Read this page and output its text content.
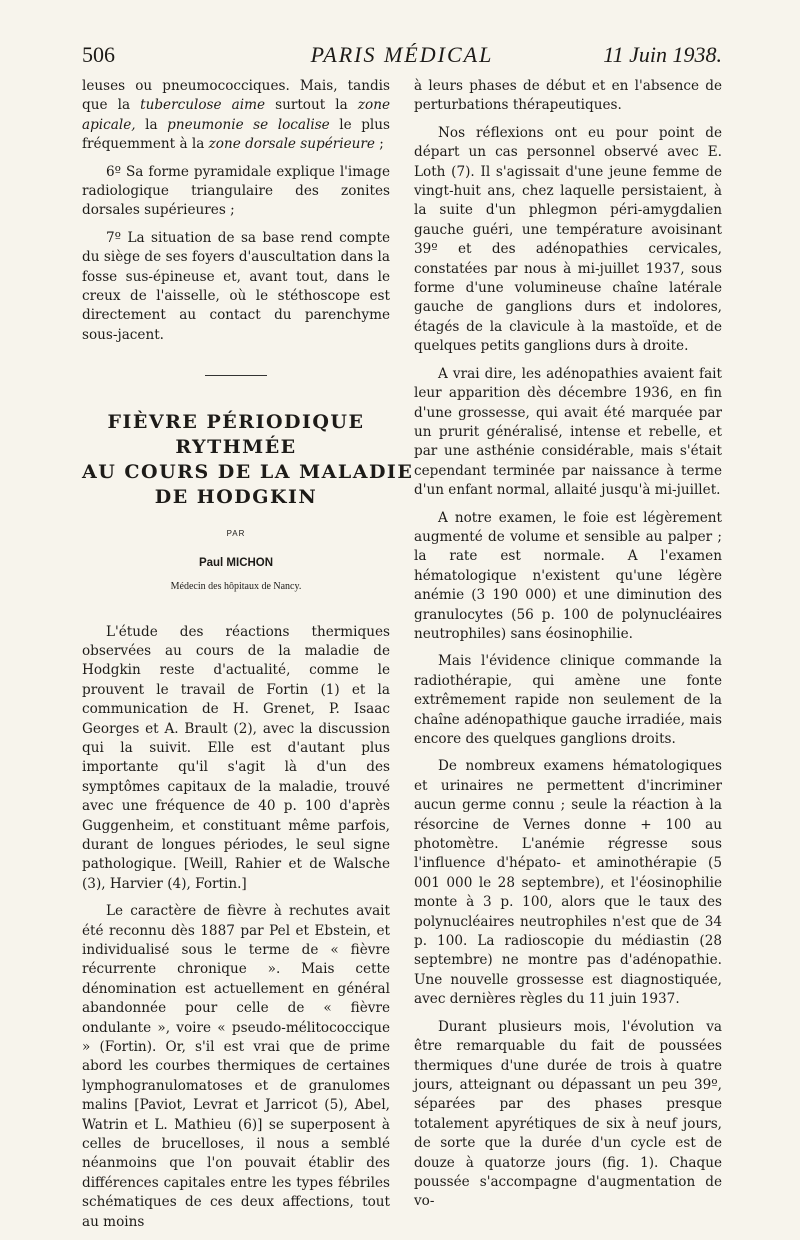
506	PARIS MÉDICAL	11 Juin 1938.

leuses ou pneumococciques. Mais, tandis que la tuberculose aime surtout la zone apicale, la pneumonie se localise le plus fréquemment à la zone dorsale supérieure ;

6º Sa forme pyramidale explique l'image radiologique triangulaire des zonites dorsales supérieures ;

7º La situation de sa base rend compte du siège de ses foyers d'auscultation dans la fosse sus-épineuse et, avant tout, dans le creux de l'aisselle, où le stéthoscope est directement au contact du parenchyme sous-jacent.

FIÈVRE PÉRIODIQUE
RYTHMÉE
AU COURS DE LA MALADIE
DE HODGKIN
PAR
Paul MICHON
Médecin des hôpitaux de Nancy.

L'étude des réactions thermiques observées au cours de la maladie de Hodgkin reste d'actualité, comme le prouvent le travail de Fortin (1) et la communication de H. Grenet, P. Isaac Georges et A. Brault (2), avec la discussion qui la suivit. Elle est d'autant plus importante qu'il s'agit là d'un des symptômes capitaux de la maladie, trouvé avec une fréquence de 40 p. 100 d'après Guggenheim, et constituant même parfois, durant de longues périodes, le seul signe pathologique. [Weill, Rahier et de Walsche (3), Harvier (4), Fortin.]

Le caractère de fièvre à rechutes avait été reconnu dès 1887 par Pel et Ebstein, et individualisé sous le terme de « fièvre récurrente chronique ». Mais cette dénomination est actuellement en général abandonnée pour celle de « fièvre ondulante », voire « pseudo-mélitococcique » (Fortin). Or, s'il est vrai que de prime abord les courbes thermiques de certaines lymphogranulomatoses et de granulomes malins [Paviot, Levrat et Jarricot (5), Abel, Watrin et L. Mathieu (6)] se superposent à celles de brucelloses, il nous a semblé néanmoins que l'on pouvait établir des différences capitales entre les types fébriles schématiques de ces deux affections, tout au moins

à leurs phases de début et en l'absence de perturbations thérapeutiques.

Nos réflexions ont eu pour point de départ un cas personnel observé avec E. Loth (7). Il s'agissait d'une jeune femme de vingt-huit ans, chez laquelle persistaient, à la suite d'un phlegmon péri-amygdalien gauche guéri, une température avoisinant 39º et des adénopathies cervicales, constatées par nous à mi-juillet 1937, sous forme d'une volumineuse chaîne latérale gauche de ganglions durs et indolores, étagés de la clavicule à la mastoïde, et de quelques petits ganglions durs à droite.

A vrai dire, les adénopathies avaient fait leur apparition dès décembre 1936, en fin d'une grossesse, qui avait été marquée par un prurit généralisé, intense et rebelle, et par une asthénie considérable, mais s'était cependant terminée par naissance à terme d'un enfant normal, allaité jusqu'à mi-juillet.

A notre examen, le foie est légèrement augmenté de volume et sensible au palper ; la rate est normale. A l'examen hématologique n'existent qu'une légère anémie (3 190 000) et une diminution des granulocytes (56 p. 100 de polynucléaires neutrophiles) sans éosinophilie.

Mais l'évidence clinique commande la radiothérapie, qui amène une fonte extrêmement rapide non seulement de la chaîne adénopathique gauche irradiée, mais encore des quelques ganglions droits.

De nombreux examens hématologiques et urinaires ne permettent d'incriminer aucun germe connu ; seule la réaction à la résorcine de Vernes donne + 100 au photomètre. L'anémie régresse sous l'influence d'hépato- et aminothérapie (5 001 000 le 28 septembre), et l'éosinophilie monte à 3 p. 100, alors que le taux des polynucléaires neutrophiles n'est que de 34 p. 100. La radioscopie du médiastin (28 septembre) ne montre pas d'adénopathie. Une nouvelle grossesse est diagnostiquée, avec dernières règles du 11 juin 1937.

Durant plusieurs mois, l'évolution va être remarquable du fait de poussées thermiques d'une durée de trois à quatre jours, atteignant ou dépassant un peu 39º, séparées par des phases presque totalement apyrétiques de six à neuf jours, de sorte que la durée d'un cycle est de douze à quatorze jours (fig. 1). Chaque poussée s'accompagne d'augmentation de vo-
